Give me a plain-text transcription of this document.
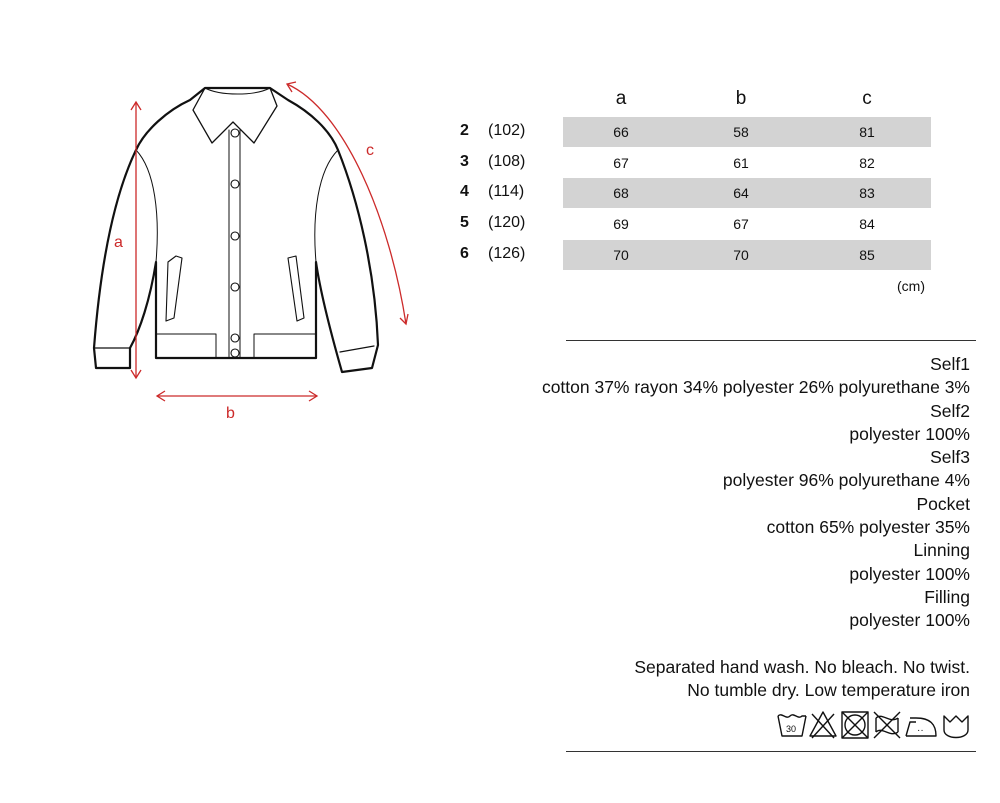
a
b
c
a	b	c
2 (102)	66	58	81
3 (108)	67	61	82
4 (114)	68	64	83
5 (120)	69	67	84
6 (126)	70	70	85
(cm)
Self1
cotton 37% rayon 34% polyester 26% polyurethane 3%
Self2
polyester 100%
Self3
polyester 96% polyurethane 4%
Pocket
cotton 65% polyester 35%
Linning
polyester 100%
Filling
polyester 100%
Separated hand wash. No bleach. No twist.
No tumble dry. Low temperature iron
30	··
